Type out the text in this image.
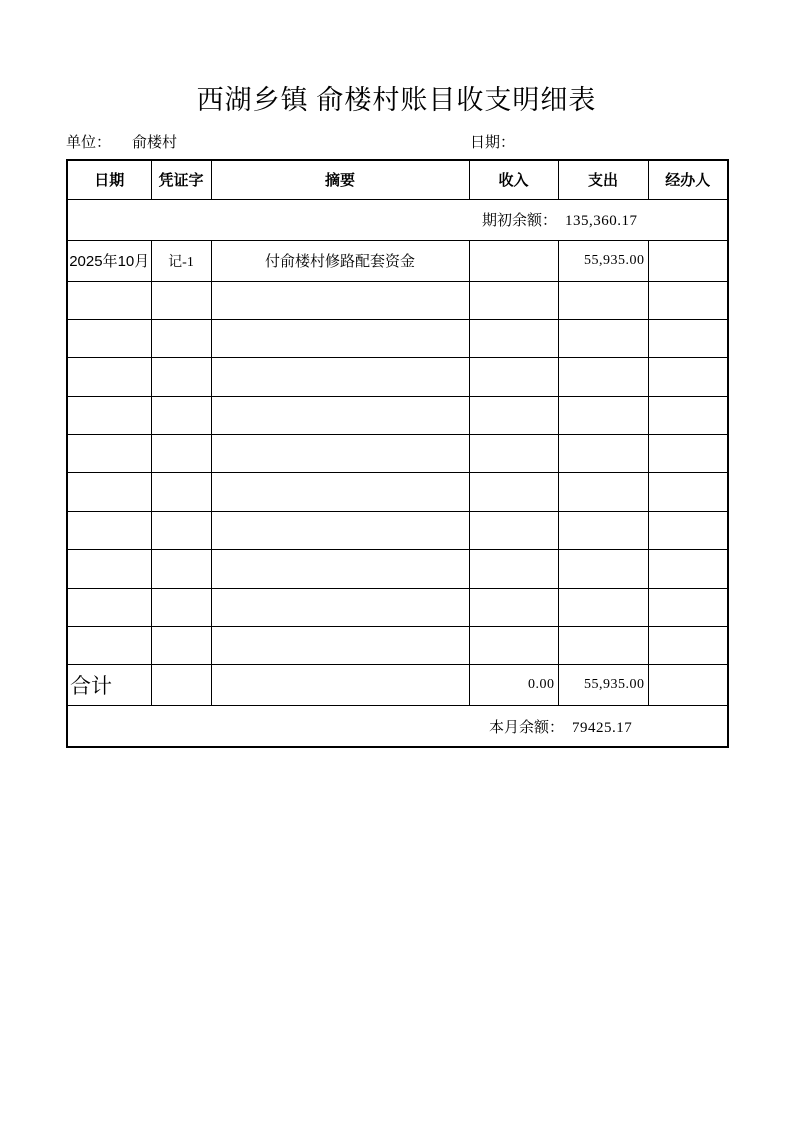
西湖乡镇 俞楼村账目收支明细表
单位： 俞楼村	日期：
日期	凭证字	摘要	收入	支出	经办人
期初余额： 135,360.17					
2025年10月	记-1	付俞楼村修路配套资金		55,935.00	

合计			0.00	55,935.00	
本月余额： 79425.17					
